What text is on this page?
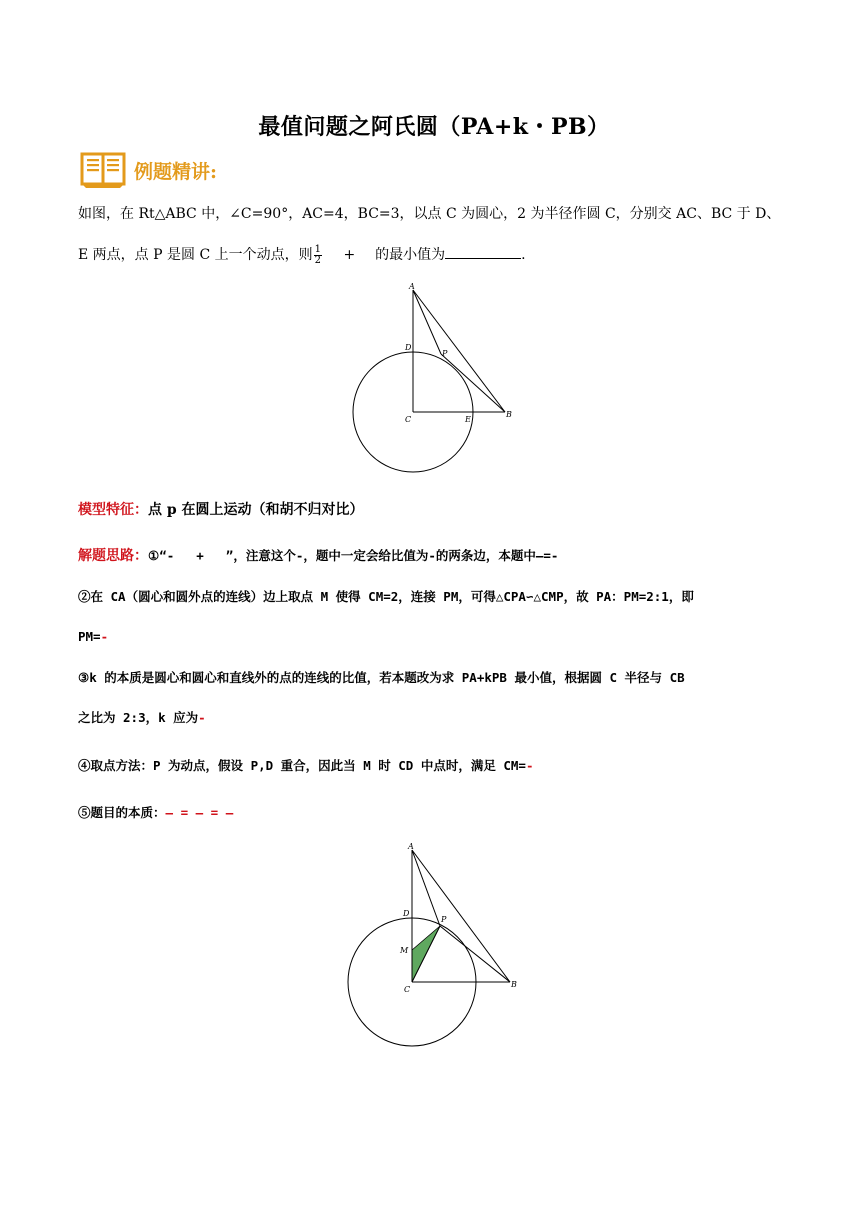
最值问题之阿氏圆（PA+k・PB）
例题精讲:
如图，在 Rt△ABC 中，∠C=90°，AC=4，BC=3，以点 C 为圆心，2 为半径作圆 C，分别交 AC、BC 于 D、
E 两点，点 P 是圆 C 上一个动点，则 $\frac{1}{2}$ + 的最小值为	.
A
D
P
C	E
B
模型特征：点 p 在圆上运动（和胡不归对比）
解题思路：①“- + ”，注意这个-，题中一定会给比值为-的两条边，本题中—=-
②在 CA（圆心和圆外点的连线）边上取点 M 使得 CM=2，连接 PM，可得△CPA∽△CMP，故 PA：PM=2:1，即
PM=-
③k 的本质是圆心和圆心和直线外的点的连线的比值，若本题改为求 PA+kPB 最小值，根据圆 C 半径与 CB
之比为 2:3，k 应为-
④取点方法：P 为动点，假设 P,D 重合，因此当 M 时 CD 中点时，满足 CM=-
⑤题目的本质：— = — = —
A
D
P
M
C
B
